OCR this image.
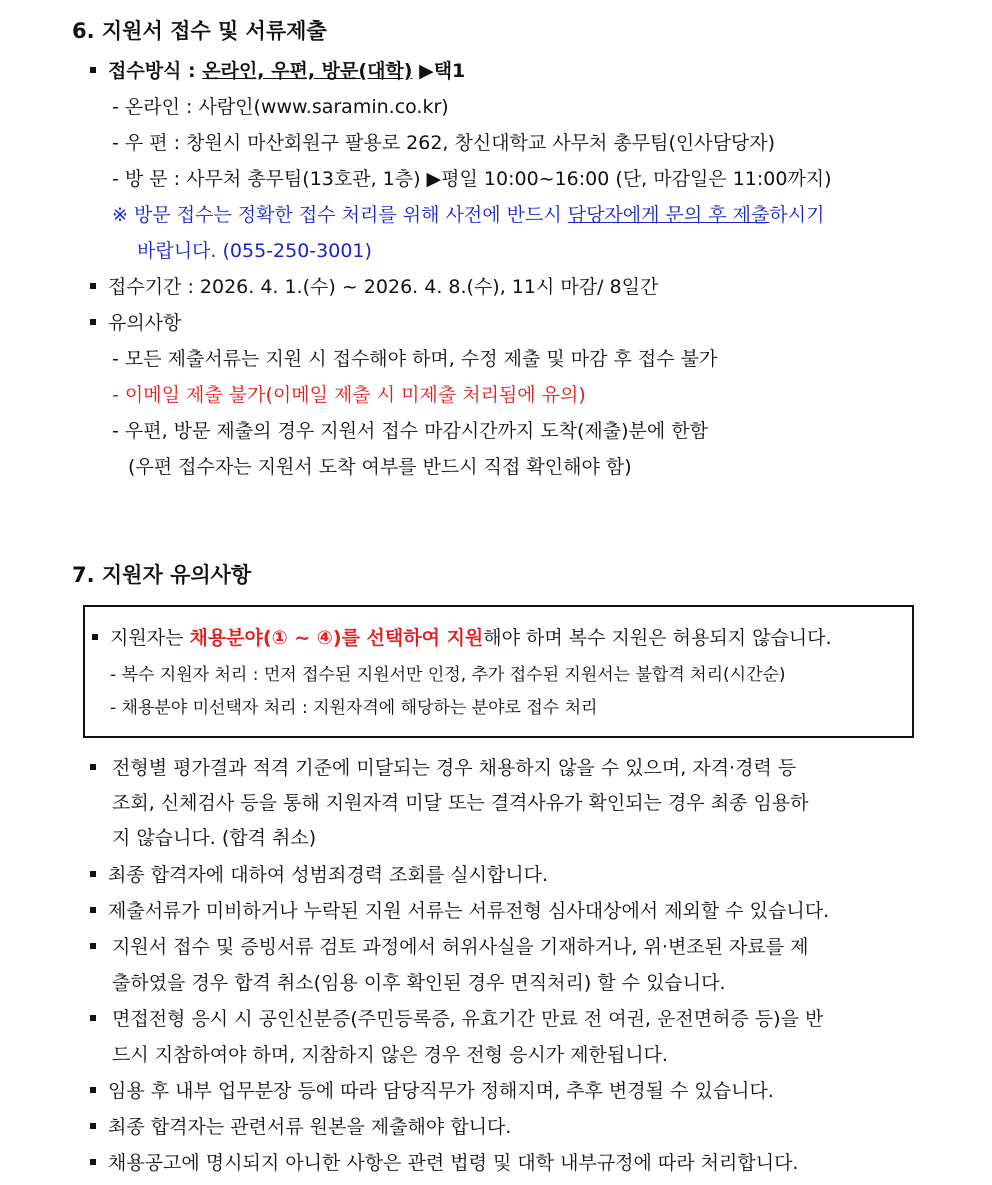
6. 지원서 접수 및 서류제출
접수방식 : 온라인, 우편, 방문(대학) ▶택1
- 온라인 : 사람인(www.saramin.co.kr)
- 우 편 : 창원시 마산회원구 팔용로 262, 창신대학교 사무처 총무팀(인사담당자)
- 방 문 : 사무처 총무팀(13호관, 1층) ▶평일 10:00~16:00 (단, 마감일은 11:00까지)
※ 방문 접수는 정확한 접수 처리를 위해 사전에 반드시 담당자에게 문의 후 제출하시기
바랍니다. (055-250-3001)
접수기간 : 2026. 4. 1.(수) ~ 2026. 4. 8.(수), 11시 마감/ 8일간
유의사항
- 모든 제출서류는 지원 시 접수해야 하며, 수정 제출 및 마감 후 접수 불가
- 이메일 제출 불가(이메일 제출 시 미제출 처리됨에 유의)
- 우편, 방문 제출의 경우 지원서 접수 마감시간까지 도착(제출)분에 한함
(우편 접수자는 지원서 도착 여부를 반드시 직접 확인해야 함)
7. 지원자 유의사항
지원자는 채용분야(① ~ ④)를 선택하여 지원해야 하며 복수 지원은 허용되지 않습니다.
- 복수 지원자 처리 : 먼저 접수된 지원서만 인정, 추가 접수된 지원서는 불합격 처리(시간순)
- 채용분야 미선택자 처리 : 지원자격에 해당하는 분야로 접수 처리
전형별 평가결과 적격 기준에 미달되는 경우 채용하지 않을 수 있으며, 자격·경력 등
조회, 신체검사 등을 통해 지원자격 미달 또는 결격사유가 확인되는 경우 최종 임용하
지 않습니다. (합격 취소)
최종 합격자에 대하여 성범죄경력 조회를 실시합니다.
제출서류가 미비하거나 누락된 지원 서류는 서류전형 심사대상에서 제외할 수 있습니다.
지원서 접수 및 증빙서류 검토 과정에서 허위사실을 기재하거나, 위·변조된 자료를 제
출하였을 경우 합격 취소(임용 이후 확인된 경우 면직처리) 할 수 있습니다.
면접전형 응시 시 공인신분증(주민등록증, 유효기간 만료 전 여권, 운전면허증 등)을 반
드시 지참하여야 하며, 지참하지 않은 경우 전형 응시가 제한됩니다.
임용 후 내부 업무분장 등에 따라 담당직무가 정해지며, 추후 변경될 수 있습니다.
최종 합격자는 관련서류 원본을 제출해야 합니다.
채용공고에 명시되지 아니한 사항은 관련 법령 및 대학 내부규정에 따라 처리합니다.
